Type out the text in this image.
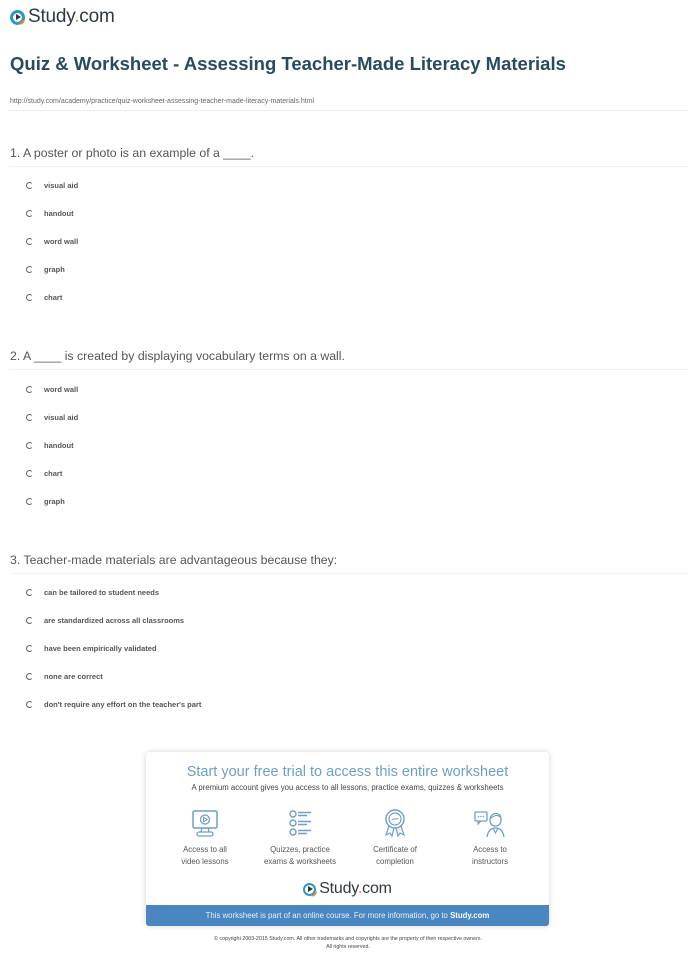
Study.com
Quiz & Worksheet - Assessing Teacher-Made Literacy Materials
http://study.com/academy/practice/quiz-worksheet-assessing-teacher-made-literacy-materials.html
1. A poster or photo is an example of a ____.
visual aid
handout
word wall
graph
chart
2. A ____ is created by displaying vocabulary terms on a wall.
word wall
visual aid
handout
chart
graph
3. Teacher-made materials are advantageous because they:
can be tailored to student needs
are standardized across all classrooms
have been empirically validated
none are correct
don't require any effort on the teacher's part
Start your free trial to access this entire worksheet
A premium account gives you access to all lessons, practice exams, quizzes & worksheets
Access to all
video lessons
Quizzes, practice
exams & worksheets
Certificate of
completion
Access to
instructors
Study.com
This worksheet is part of an online course. For more information, go to Study.com
© copyright 2003-2015 Study.com. All other trademarks and copyrights are the property of their respective owners.
All rights reserved.
